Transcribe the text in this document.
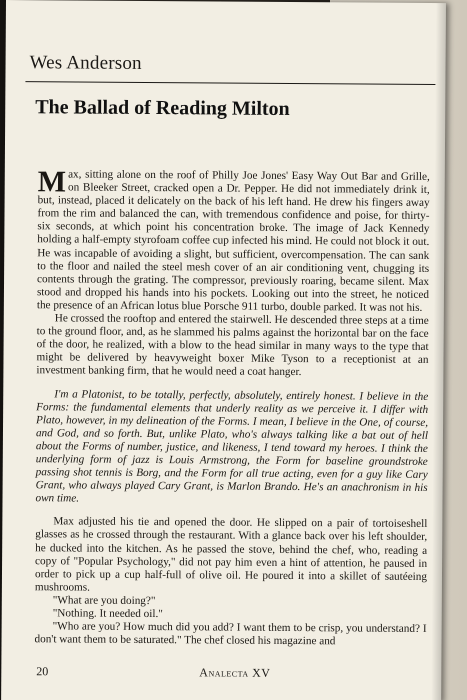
Wes Anderson
The Ballad of Reading Milton

Max, sitting alone on the roof of Philly Joe Jones' Easy Way Out Bar and Grille, on Bleeker Street, cracked open a Dr. Pepper. He did not immediately drink it, but, instead, placed it delicately on the back of his left hand. He drew his fingers away from the rim and balanced the can, with tremendous confidence and poise, for thirty-six seconds, at which point his concentration broke. The image of Jack Kennedy holding a half-empty styrofoam coffee cup infected his mind. He could not block it out. He was incapable of avoiding a slight, but sufficient, overcompensation. The can sank to the floor and nailed the steel mesh cover of an air conditioning vent, chugging its contents through the grating. The compressor, previously roaring, became silent. Max stood and dropped his hands into his pockets. Looking out into the street, he noticed the presence of an African lotus blue Porsche 911 turbo, double parked. It was not his.

He crossed the rooftop and entered the stairwell. He descended three steps at a time to the ground floor, and, as he slammed his palms against the horizontal bar on the face of the door, he realized, with a blow to the head similar in many ways to the type that might be delivered by heavyweight boxer Mike Tyson to a receptionist at an investment banking firm, that he would need a coat hanger.

I'm a Platonist, to be totally, perfectly, absolutely, entirely honest. I believe in the Forms: the fundamental elements that underly reality as we perceive it. I differ with Plato, however, in my delineation of the Forms. I mean, I believe in the One, of course, and God, and so forth. But, unlike Plato, who's always talking like a bat out of hell about the Forms of number, justice, and likeness, I tend toward my heroes. I think the underlying form of jazz is Louis Armstrong, the Form for baseline groundstroke passing shot tennis is Borg, and the Form for all true acting, even for a guy like Cary Grant, who always played Cary Grant, is Marlon Brando. He's an anachronism in his own time.

Max adjusted his tie and opened the door. He slipped on a pair of tortoiseshell glasses as he crossed through the restaurant. With a glance back over his left shoulder, he ducked into the kitchen. As he passed the stove, behind the chef, who, reading a copy of "Popular Psychology," did not pay him even a hint of attention, he paused in order to pick up a cup half-full of olive oil. He poured it into a skillet of sautéeing mushrooms.

"What are you doing?"

"Nothing. It needed oil."

"Who are you? How much did you add? I want them to be crisp, you understand? I don't want them to be saturated." The chef closed his magazine and

20	Analecta XV
